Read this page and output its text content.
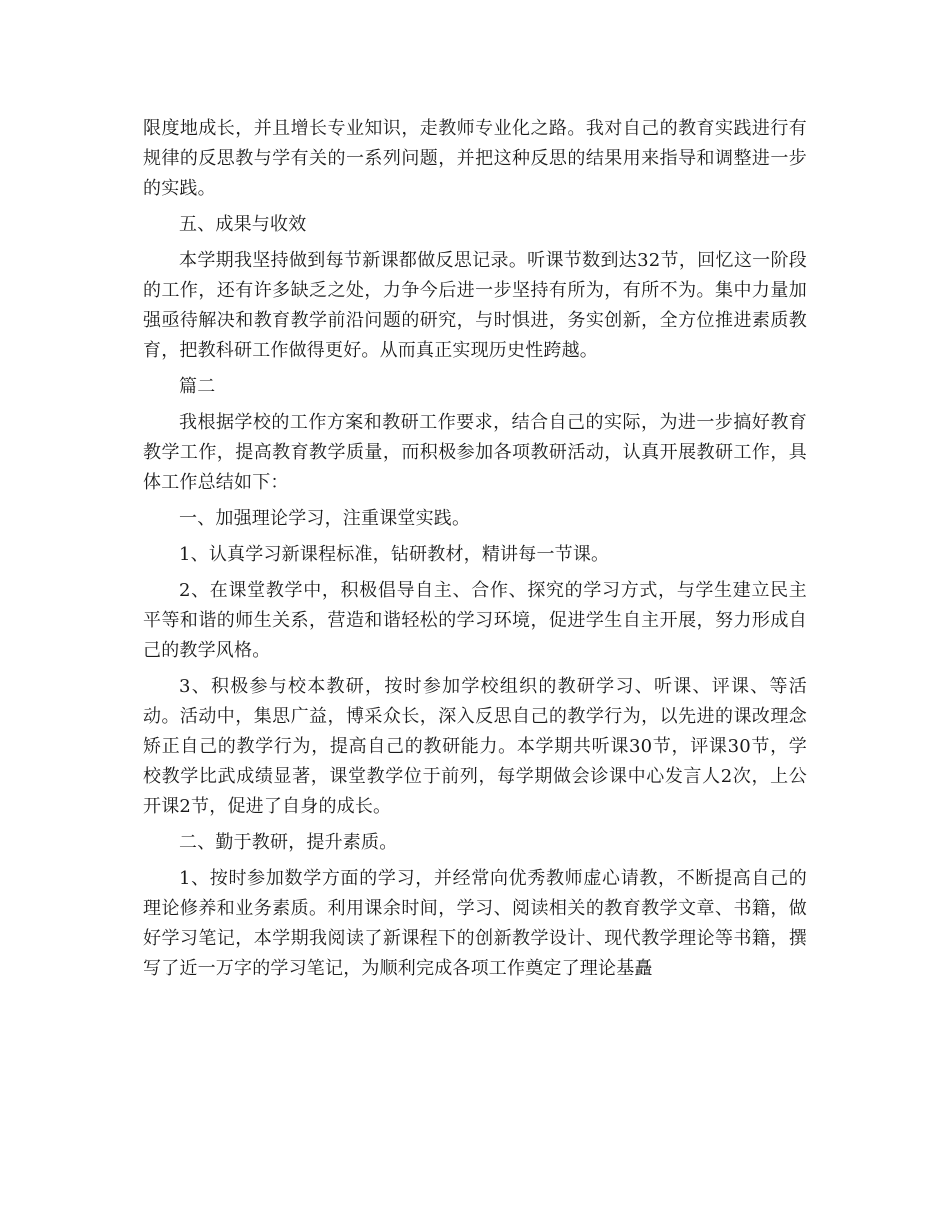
限度地成长，并且增长专业知识，走教师专业化之路。我对自己的教育实践进行有规律的反思教与学有关的一系列问题，并把这种反思的结果用来指导和调整进一步的实践。

五、成果与收效

本学期我坚持做到每节新课都做反思记录。听课节数到达32节，回忆这一阶段的工作，还有许多缺乏之处，力争今后进一步坚持有所为，有所不为。集中力量加强亟待解决和教育教学前沿问题的研究，与时惧进，务实创新，全方位推进素质教育，把教科研工作做得更好。从而真正实现历史性跨越。

篇二

我根据学校的工作方案和教研工作要求，结合自己的实际，为进一步搞好教育教学工作，提高教育教学质量，而积极参加各项教研活动，认真开展教研工作，具体工作总结如下：

一、加强理论学习，注重课堂实践。

1、认真学习新课程标准，钻研教材，精讲每一节课。

2、在课堂教学中，积极倡导自主、合作、探究的学习方式，与学生建立民主平等和谐的师生关系，营造和谐轻松的学习环境，促进学生自主开展，努力形成自己的教学风格。

3、积极参与校本教研，按时参加学校组织的教研学习、听课、评课、等活动。活动中，集思广益，博采众长，深入反思自己的教学行为，以先进的课改理念矫正自己的教学行为，提高自己的教研能力。本学期共听课30节，评课30节，学校教学比武成绩显著，课堂教学位于前列，每学期做会诊课中心发言人2次，上公开课2节，促进了自身的成长。

二、勤于教研，提升素质。

1、按时参加数学方面的学习，并经常向优秀教师虚心请教，不断提高自己的理论修养和业务素质。利用课余时间，学习、阅读相关的教育教学文章、书籍，做好学习笔记，本学期我阅读了新课程下的创新教学设计、现代教学理论等书籍，撰写了近一万字的学习笔记，为顺利完成各项工作奠定了理论基矗
